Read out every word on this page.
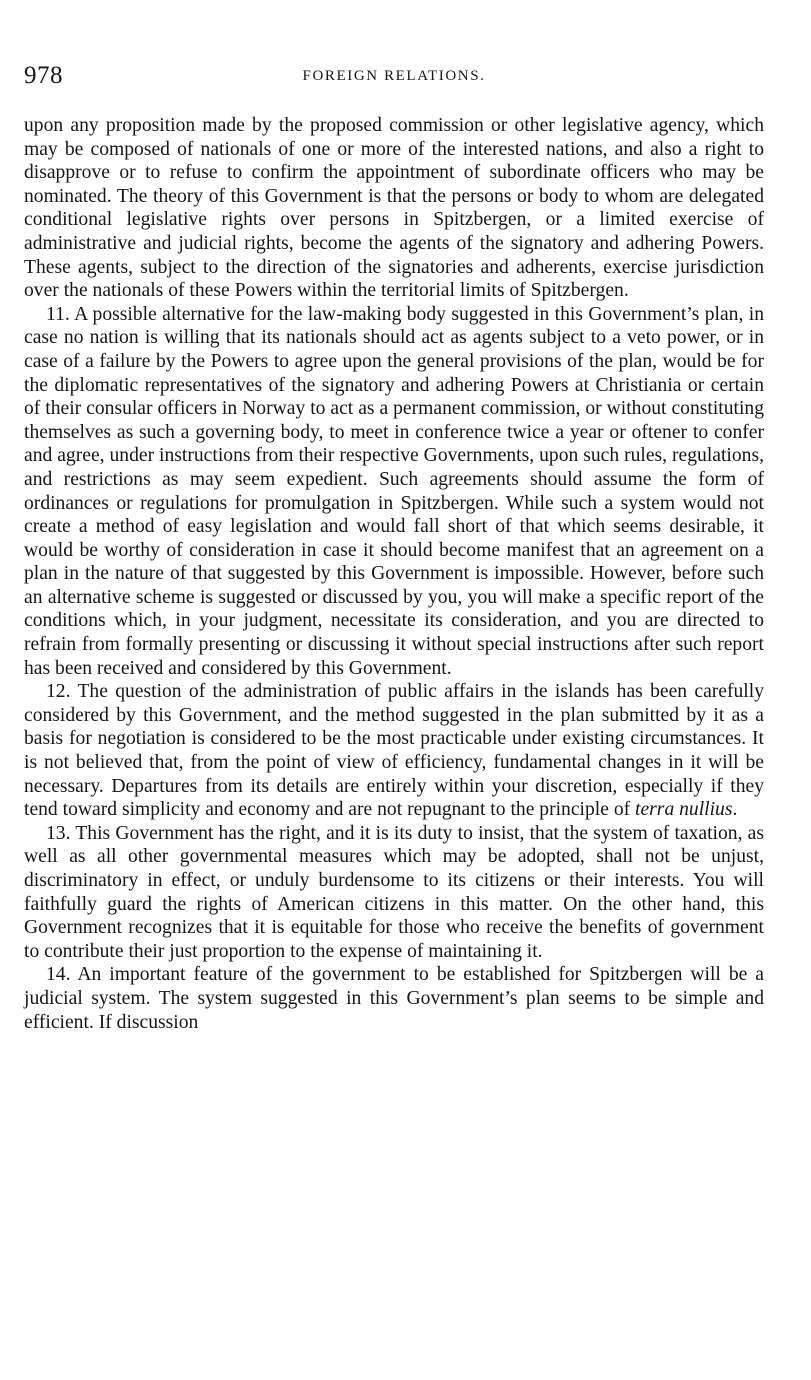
978	FOREIGN RELATIONS.

upon any proposition made by the proposed commission or other legislative agency, which may be composed of nationals of one or more of the interested nations, and also a right to disapprove or to refuse to confirm the appointment of subordinate officers who may be nominated. The theory of this Government is that the persons or body to whom are delegated conditional legislative rights over persons in Spitzbergen, or a limited exercise of administrative and judicial rights, become the agents of the signatory and adhering Powers. These agents, subject to the direction of the signatories and adherents, exercise jurisdiction over the nationals of these Powers within the territorial limits of Spitzbergen.

11. A possible alternative for the law-making body suggested in this Government’s plan, in case no nation is willing that its nationals should act as agents subject to a veto power, or in case of a failure by the Powers to agree upon the general provisions of the plan, would be for the diplomatic representatives of the signatory and adhering Powers at Christiania or certain of their consular officers in Norway to act as a permanent commission, or without constituting themselves as such a governing body, to meet in conference twice a year or oftener to confer and agree, under instructions from their respective Governments, upon such rules, regulations, and restrictions as may seem expedient. Such agreements should assume the form of ordinances or regulations for promulgation in Spitzbergen. While such a system would not create a method of easy legislation and would fall short of that which seems desirable, it would be worthy of consideration in case it should become manifest that an agreement on a plan in the nature of that suggested by this Government is impossible. However, before such an alternative scheme is suggested or discussed by you, you will make a specific report of the conditions which, in your judgment, necessitate its consideration, and you are directed to refrain from formally presenting or discussing it without special instructions after such report has been received and considered by this Government.

12. The question of the administration of public affairs in the islands has been carefully considered by this Government, and the method suggested in the plan submitted by it as a basis for negotiation is considered to be the most practicable under existing circumstances. It is not believed that, from the point of view of efficiency, fundamental changes in it will be necessary. Departures from its details are entirely within your discretion, especially if they tend toward simplicity and economy and are not repugnant to the principle of terra nullius.

13. This Government has the right, and it is its duty to insist, that the system of taxation, as well as all other governmental measures which may be adopted, shall not be unjust, discriminatory in effect, or unduly burdensome to its citizens or their interests. You will faithfully guard the rights of American citizens in this matter. On the other hand, this Government recognizes that it is equitable for those who receive the benefits of government to contribute their just proportion to the expense of maintaining it.

14. An important feature of the government to be established for Spitzbergen will be a judicial system. The system suggested in this Government’s plan seems to be simple and efficient. If discussion
